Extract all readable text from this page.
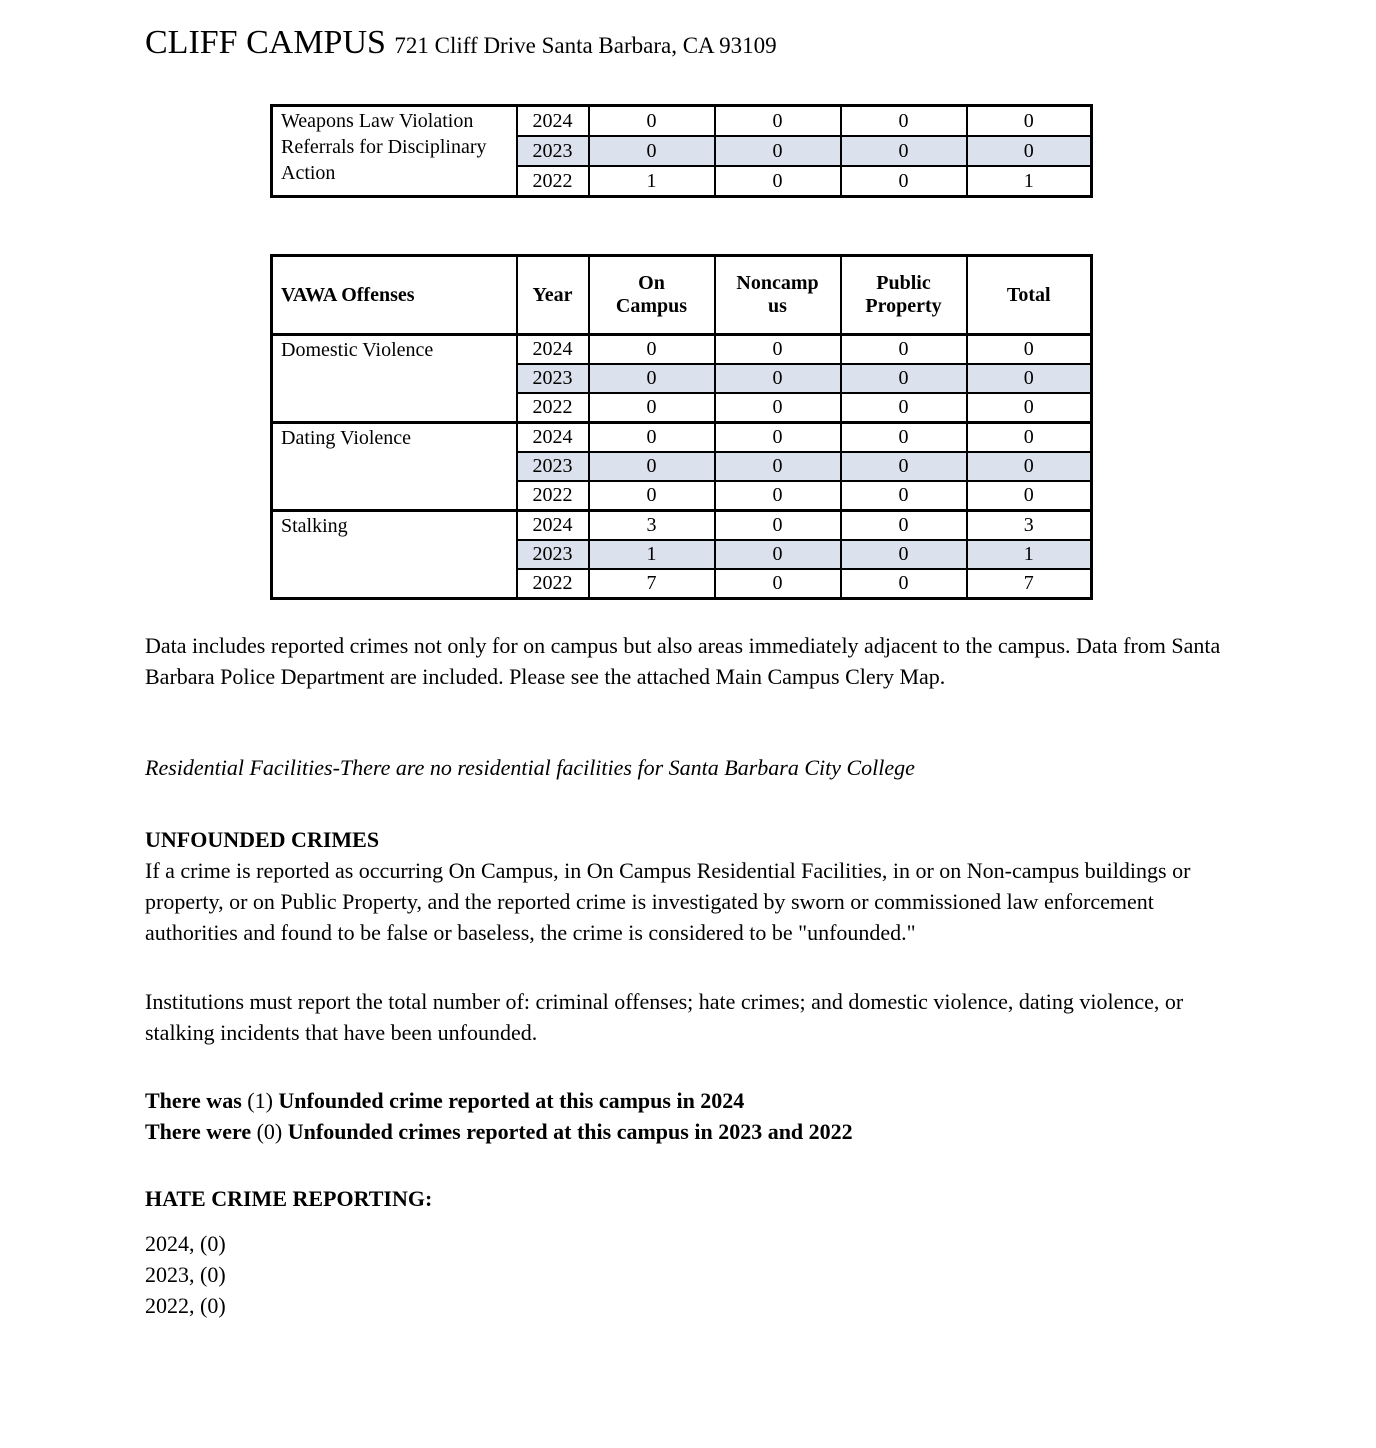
CLIFF CAMPUS 721 Cliff Drive Santa Barbara, CA 93109
Weapons Law Violation Referrals for Disciplinary Action	2024	0	0	0	0
	2023	0	0	0	0
	2022	1	0	0	1
VAWA Offenses	Year	On Campus	Noncampus	Public Property	Total
Domestic Violence	2024	0	0	0	0
	2023	0	0	0	0
	2022	0	0	0	0
Dating Violence	2024	0	0	0	0
	2023	0	0	0	0
	2022	0	0	0	0
Stalking	2024	3	0	0	3
	2023	1	0	0	1
	2022	7	0	0	7

Data includes reported crimes not only for on campus but also areas immediately adjacent to the campus. Data from Santa Barbara Police Department are included. Please see the attached Main Campus Clery Map.

Residential Facilities-There are no residential facilities for Santa Barbara City College

UNFOUNDED CRIMES

If a crime is reported as occurring On Campus, in On Campus Residential Facilities, in or on Non-campus buildings or property, or on Public Property, and the reported crime is investigated by sworn or commissioned law enforcement authorities and found to be false or baseless, the crime is considered to be "unfounded."

Institutions must report the total number of: criminal offenses; hate crimes; and domestic violence, dating violence, or stalking incidents that have been unfounded.

There was (1) Unfounded crime reported at this campus in 2024
There were (0) Unfounded crimes reported at this campus in 2023 and 2022
HATE CRIME REPORTING:
2024, (0)
2023, (0)
2022, (0)
